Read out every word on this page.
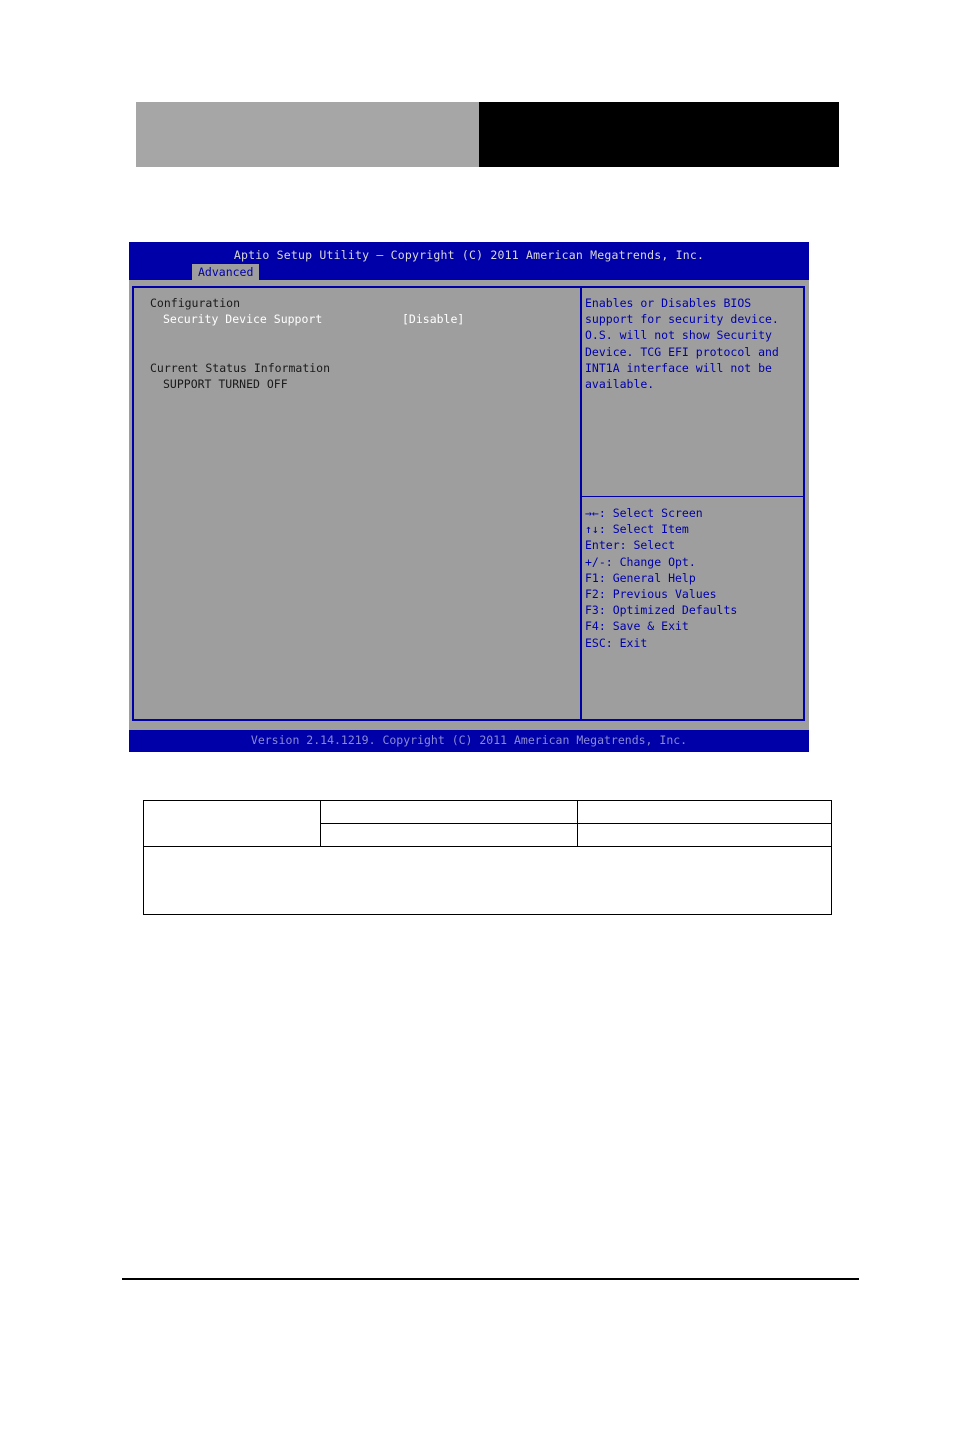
Aptio Setup Utility – Copyright (C) 2011 American Megatrends, Inc.
Advanced
Configuration
Security Device Support	[Disable]
Current Status Information
SUPPORT TURNED OFF
Enables or Disables BIOS
support for security device.
O.S. will not show Security
Device. TCG EFI protocol and
INT1A interface will not be
available.
→←: Select Screen
↑↓: Select Item
Enter: Select
+/-: Change Opt.
F1: General Help
F2: Previous Values
F3: Optimized Defaults
F4: Save & Exit
ESC: Exit
Version 2.14.1219. Copyright (C) 2011 American Megatrends, Inc.
